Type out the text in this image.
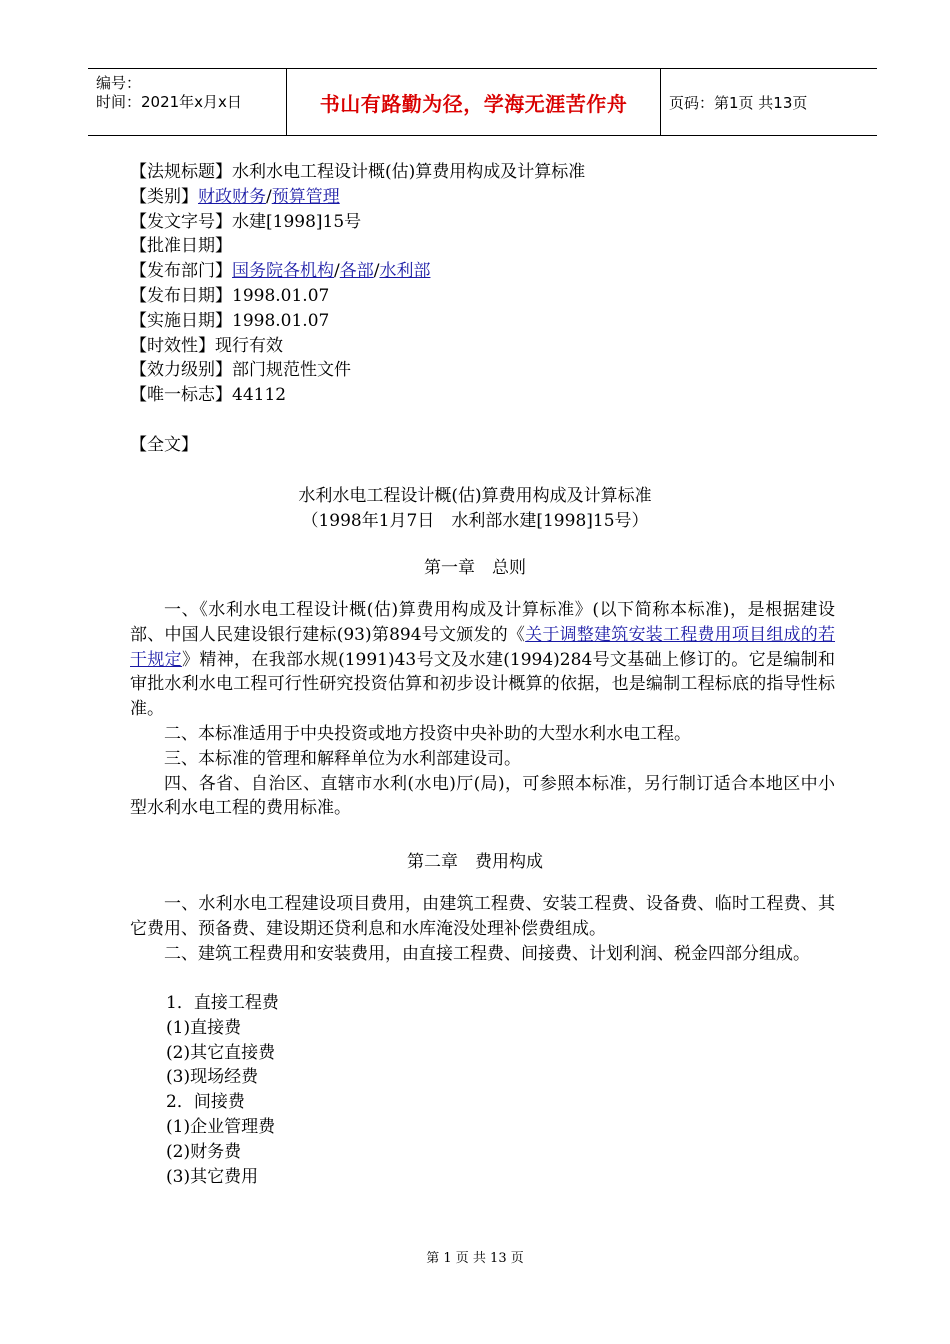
编号：
时间：2021年x月x日	书山有路勤为径，学海无涯苦作舟	页码：第1页 共13页
【法规标题】水利水电工程设计概(估)算费用构成及计算标准
【类别】财政财务/预算管理
【发文字号】水建[1998]15号
【批准日期】
【发布部门】国务院各机构/各部/水利部
【发布日期】1998.01.07
【实施日期】1998.01.07
【时效性】现行有效
【效力级别】部门规范性文件
【唯一标志】44112
【全文】
水利水电工程设计概(估)算费用构成及计算标准
（1998年1月7日　水利部水建[1998]15号）
第一章　总则

一、《水利水电工程设计概(估)算费用构成及计算标准》(以下简称本标准)，是根据建设部、中国人民建设银行建标(93)第894号文颁发的《关于调整建筑安装工程费用项目组成的若干规定》精神，在我部水规(1991)43号文及水建(1994)284号文基础上修订的。它是编制和审批水利水电工程可行性研究投资估算和初步设计概算的依据，也是编制工程标底的指导性标准。

二、本标准适用于中央投资或地方投资中央补助的大型水利水电工程。

三、本标准的管理和解释单位为水利部建设司。

四、各省、自治区、直辖市水利(水电)厅(局)，可参照本标准，另行制订适合本地区中小型水利水电工程的费用标准。

第二章　费用构成

一、水利水电工程建设项目费用，由建筑工程费、安装工程费、设备费、临时工程费、其它费用、预备费、建设期还贷利息和水库淹没处理补偿费组成。

二、建筑工程费用和安装费用，由直接工程费、间接费、计划利润、税金四部分组成。

1．直接工程费
(1)直接费
(2)其它直接费
(3)现场经费
2．间接费
(1)企业管理费
(2)财务费
(3)其它费用
第 1 页 共 13 页
